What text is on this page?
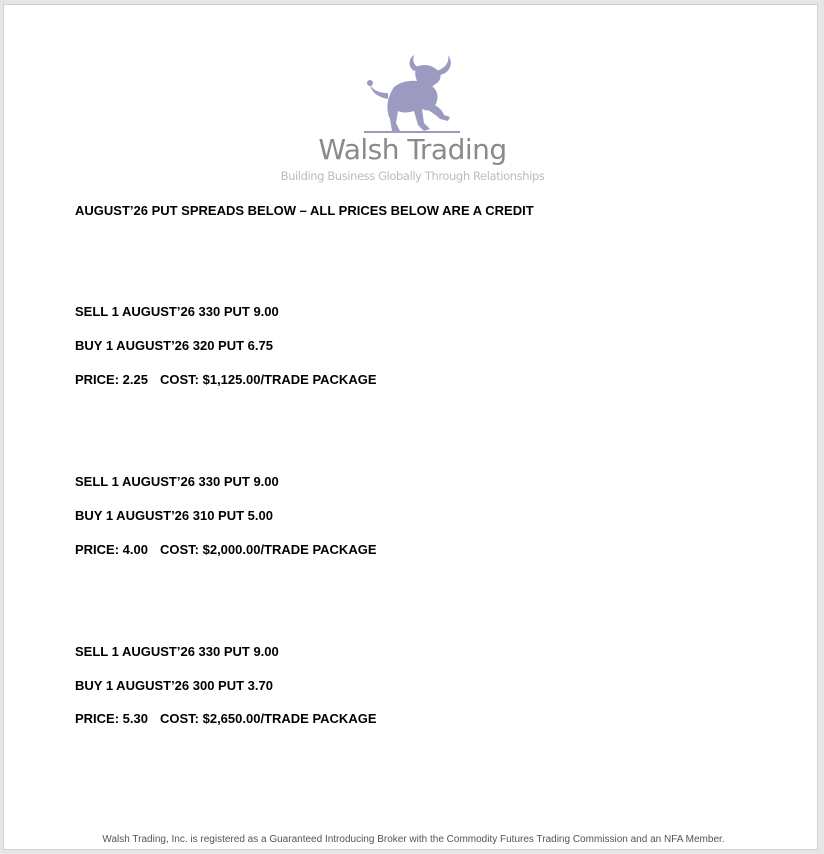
Walsh Trading
Building Business Globally Through Relationships
AUGUST’26 PUT SPREADS BELOW – ALL PRICES BELOW ARE A CREDIT
SELL 1 AUGUST’26 330 PUT 9.00
BUY 1 AUGUST’26 320 PUT 6.75
PRICE: 2.25 COST: $1,125.00/TRADE PACKAGE
SELL 1 AUGUST’26 330 PUT 9.00
BUY 1 AUGUST’26 310 PUT 5.00
PRICE: 4.00 COST: $2,000.00/TRADE PACKAGE
SELL 1 AUGUST’26 330 PUT 9.00
BUY 1 AUGUST’26 300 PUT 3.70
PRICE: 5.30 COST: $2,650.00/TRADE PACKAGE
Walsh Trading, Inc. is registered as a Guaranteed Introducing Broker with the Commodity Futures Trading Commission and an NFA Member.
